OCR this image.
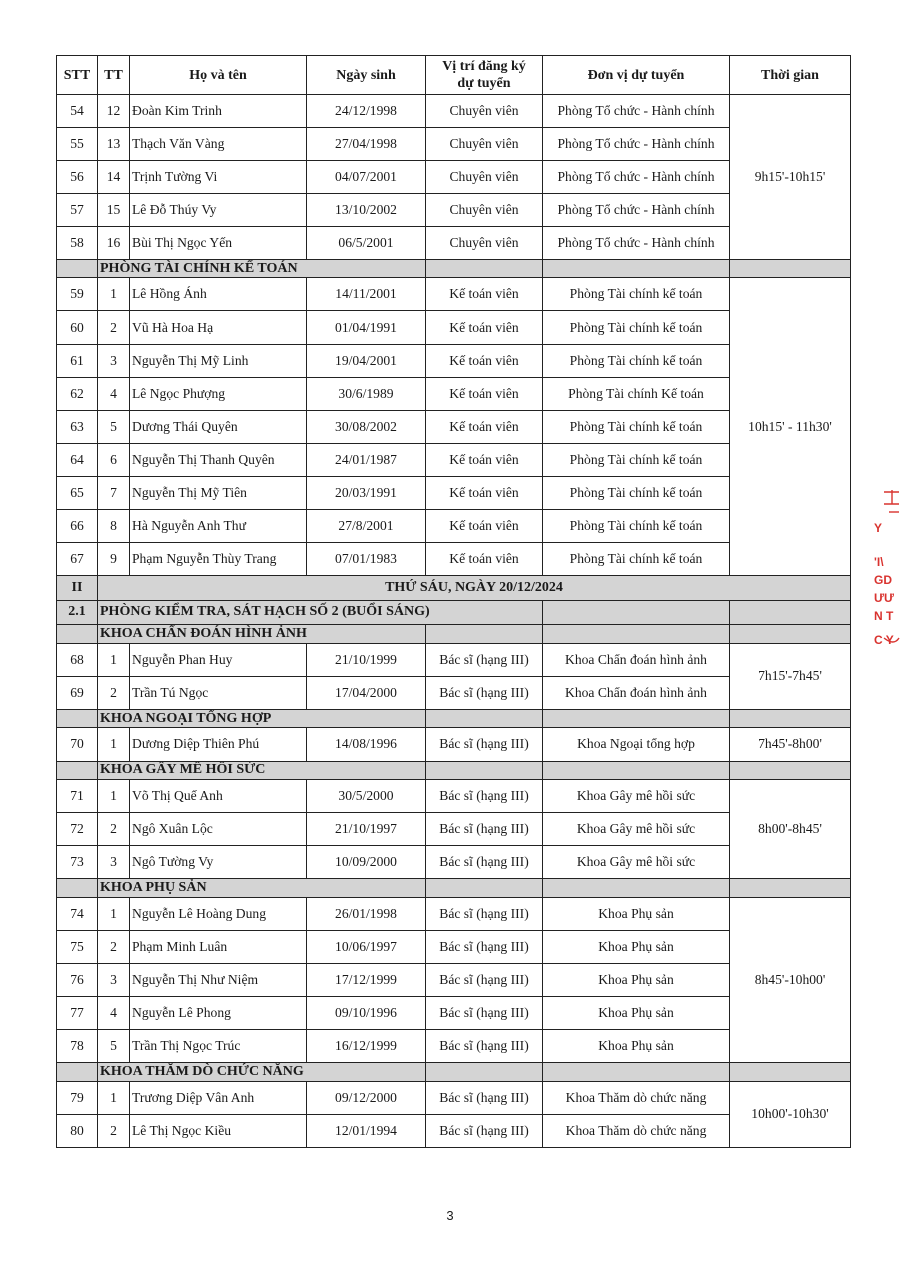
STT	TT	Họ và tên	Ngày sinh	Vị trí đăng ký
dự tuyển	Đơn vị dự tuyển	Thời gian
54	12	Đoàn Kim Trinh	24/12/1998	Chuyên viên	Phòng Tổ chức - Hành chính	9h15'-10h15'
55	13	Thạch Văn Vàng	27/04/1998	Chuyên viên	Phòng Tổ chức - Hành chính	
56	14	Trịnh Tường Vi	04/07/2001	Chuyên viên	Phòng Tổ chức - Hành chính	
57	15	Lê Đỗ Thúy Vy	13/10/2002	Chuyên viên	Phòng Tổ chức - Hành chính	
58	16	Bùi Thị Ngọc Yến	06/5/2001	Chuyên viên	Phòng Tổ chức - Hành chính	
	PHÒNG TÀI CHÍNH KẾ TOÁN					
59	1	Lê Hồng Ánh	14/11/2001	Kế toán viên	Phòng Tài chính kế toán	10h15' - 11h30'
60	2	Vũ Hà Hoa Hạ	01/04/1991	Kế toán viên	Phòng Tài chính kế toán	
61	3	Nguyễn Thị Mỹ Linh	19/04/2001	Kế toán viên	Phòng Tài chính kế toán	
62	4	Lê Ngọc Phượng	30/6/1989	Kế toán viên	Phòng Tài chính Kế toán	
63	5	Dương Thái Quyên	30/08/2002	Kế toán viên	Phòng Tài chính kế toán	
64	6	Nguyễn Thị Thanh Quyên	24/01/1987	Kế toán viên	Phòng Tài chính kế toán	
65	7	Nguyễn Thị Mỹ Tiên	20/03/1991	Kế toán viên	Phòng Tài chính kế toán	
66	8	Hà Nguyễn Anh Thư	27/8/2001	Kế toán viên	Phòng Tài chính kế toán	
67	9	Phạm Nguyễn Thùy Trang	07/01/1983	Kế toán viên	Phòng Tài chính kế toán	
II	THỨ SÁU, NGÀY 20/12/2024					
2.1	PHÒNG KIỂM TRA, SÁT HẠCH SỐ 2 (BUỔI SÁNG)					
	KHOA CHẨN ĐOÁN HÌNH ẢNH					
68	1	Nguyễn Phan Huy	21/10/1999	Bác sĩ (hạng III)	Khoa Chẩn đoán hình ảnh	7h15'-7h45'
69	2	Trần Tú Ngọc	17/04/2000	Bác sĩ (hạng III)	Khoa Chẩn đoán hình ảnh	
	KHOA NGOẠI TỔNG HỢP					
70	1	Dương Diệp Thiên Phú	14/08/1996	Bác sĩ (hạng III)	Khoa Ngoại tổng hợp	7h45'-8h00'
	KHOA GÂY MÊ HỒI SỨC					
71	1	Võ Thị Quế Anh	30/5/2000	Bác sĩ (hạng III)	Khoa Gây mê hồi sức	8h00'-8h45'
72	2	Ngô Xuân Lộc	21/10/1997	Bác sĩ (hạng III)	Khoa Gây mê hồi sức	
73	3	Ngô Tường Vy	10/09/2000	Bác sĩ (hạng III)	Khoa Gây mê hồi sức	
	KHOA PHỤ SẢN					
74	1	Nguyễn Lê Hoàng Dung	26/01/1998	Bác sĩ (hạng III)	Khoa Phụ sản	8h45'-10h00'
75	2	Phạm Minh Luân	10/06/1997	Bác sĩ (hạng III)	Khoa Phụ sản	
76	3	Nguyễn Thị Như Niệm	17/12/1999	Bác sĩ (hạng III)	Khoa Phụ sản	
77	4	Nguyễn Lê Phong	09/10/1996	Bác sĩ (hạng III)	Khoa Phụ sản	
78	5	Trần Thị Ngọc Trúc	16/12/1999	Bác sĩ (hạng III)	Khoa Phụ sản	
	KHOA THĂM DÒ CHỨC NĂNG					
79	1	Trương Diệp Vân Anh	09/12/2000	Bác sĩ (hạng III)	Khoa Thăm dò chức năng	10h00'-10h30'
80	2	Lê Thị Ngọc Kiều	12/01/1994	Bác sĩ (hạng III)	Khoa Thăm dò chức năng	
3
Y
'I\
GD
ƯƯ
N T
C Y
